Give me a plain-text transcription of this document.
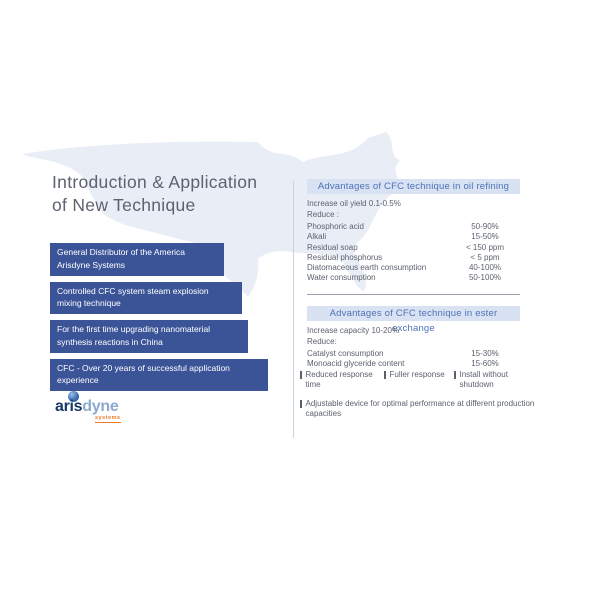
Introduction & Application
of New Technique
General Distributor of the America Arisdyne Systems
Controlled CFC system steam explosion mixing technique
For the first time upgrading nanomaterial synthesis reactions in China
CFC - Over 20 years of successful application experience
arisdyne
systems
Advantages of CFC technique in oil refining
Increase oil yield 0.1-0.5%
Reduce :
Phosphoric acid	50-90%
Alkali	15-50%
Residual soap	< 150 ppm
Residual phosphorus	< 5 ppm
Diatomaceous earth consumption	40-100%
Water consumption	50-100%
Advantages of CFC technique in ester exchange
Increase capacity 10-20%
Reduce:
Catalyst consumption	15-30%
Monoacid glyceride content	15-60%
Reduced response time
Fuller response Install without shutdown
Adjustable device for optimal performance at different production capacities
